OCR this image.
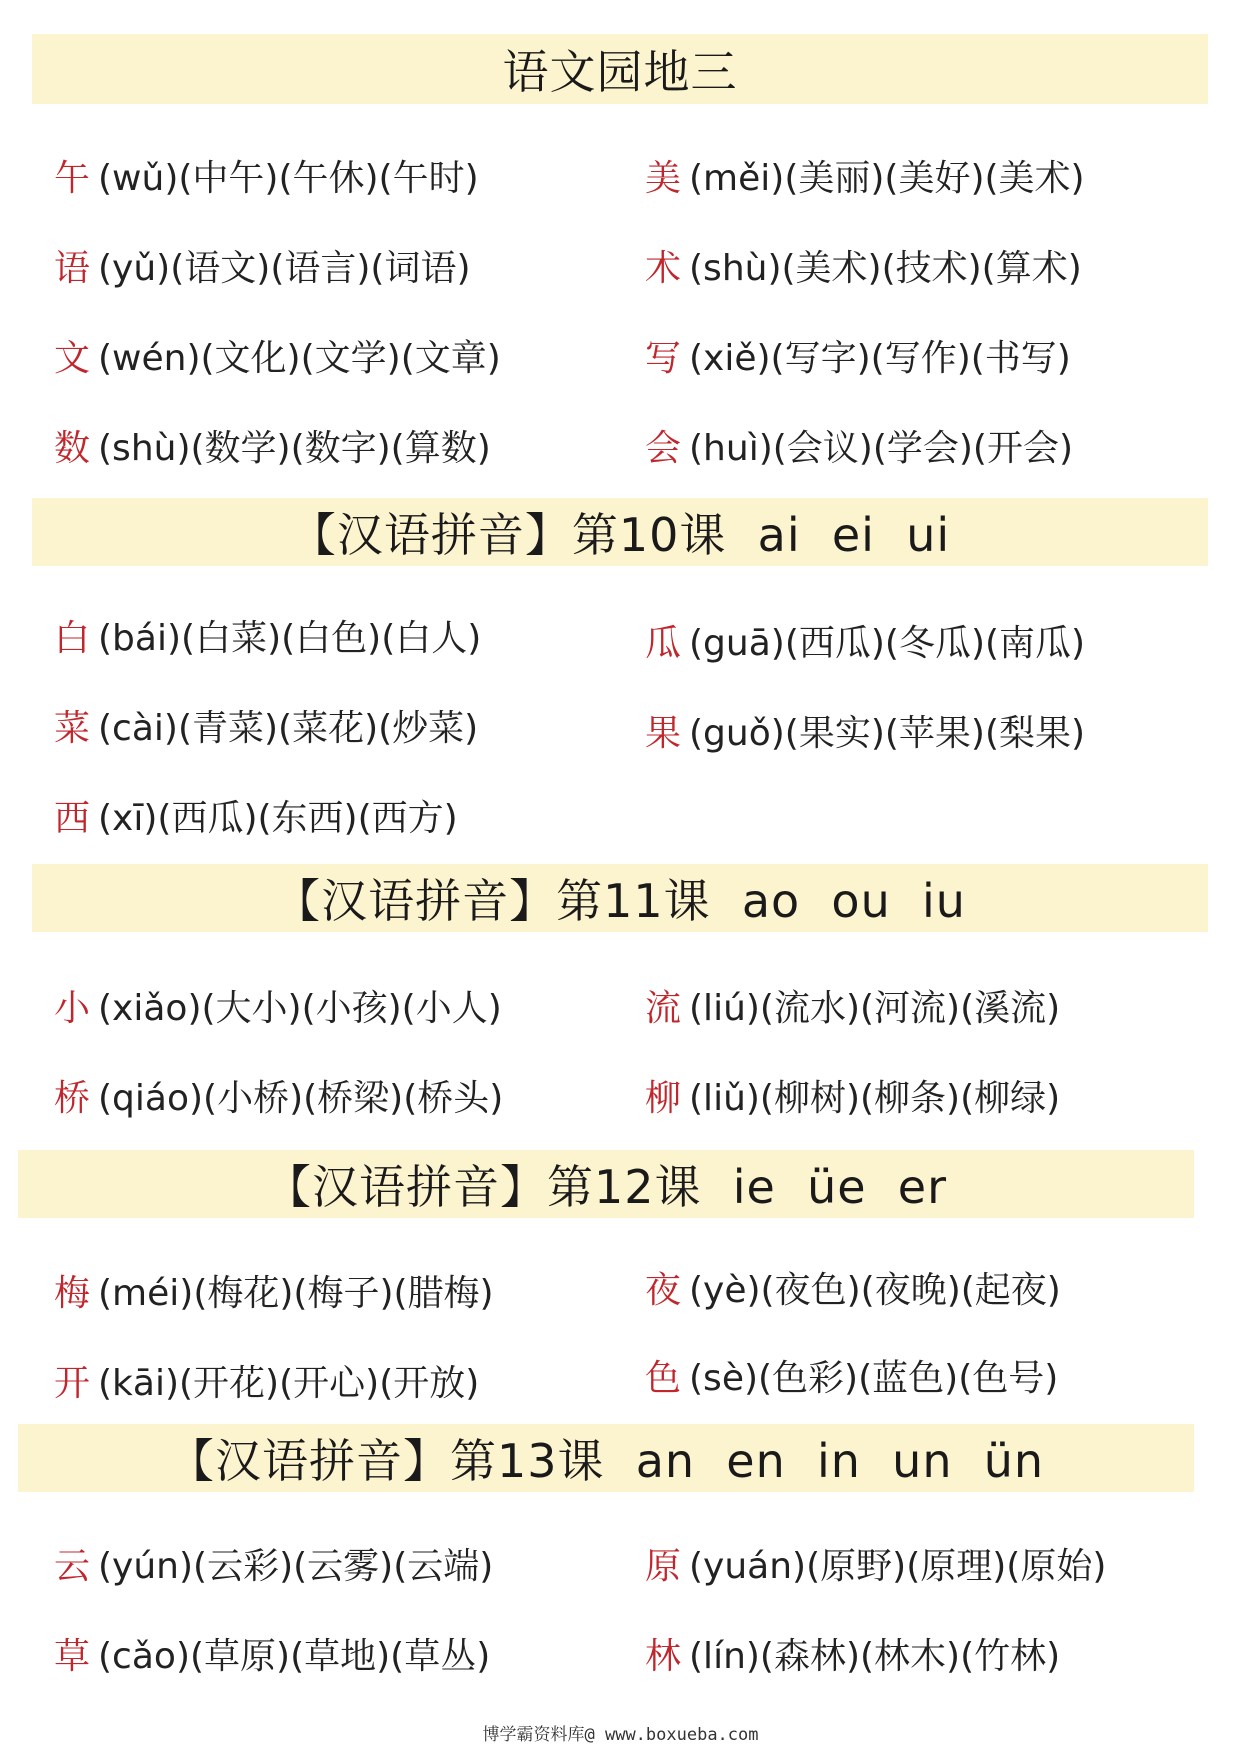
语文园地三
午 (wǔ)(中午)(午休)(午时)
语 (yǔ)(语文)(语言)(词语)
文 (wén)(文化)(文学)(文章)
数 (shù)(数学)(数字)(算数)
美 (měi)(美丽)(美好)(美术)
术 (shù)(美术)(技术)(算术)
写 (xiě)(写字)(写作)(书写)
会 (huì)(会议)(学会)(开会)
【汉语拼音】第10课  ai  ei  ui
白 (bái)(白菜)(白色)(白人)
菜 (cài)(青菜)(菜花)(炒菜)
西 (xī)(西瓜)(东西)(西方)
瓜 (guā)(西瓜)(冬瓜)(南瓜)
果 (guǒ)(果实)(苹果)(梨果)
【汉语拼音】第11课  ao  ou  iu
小 (xiǎo)(大小)(小孩)(小人)
桥 (qiáo)(小桥)(桥梁)(桥头)
流 (liú)(流水)(河流)(溪流)
柳 (liǔ)(柳树)(柳条)(柳绿)
【汉语拼音】第12课  ie  üe  er
梅 (méi)(梅花)(梅子)(腊梅)
开 (kāi)(开花)(开心)(开放)
夜 (yè)(夜色)(夜晚)(起夜)
色 (sè)(色彩)(蓝色)(色号)
【汉语拼音】第13课  an  en  in  un  ün
云 (yún)(云彩)(云雾)(云端)
草 (cǎo)(草原)(草地)(草丛)
原 (yuán)(原野)(原理)(原始)
林 (lín)(森林)(林木)(竹林)
博学霸资料库@ www.boxueba.com
